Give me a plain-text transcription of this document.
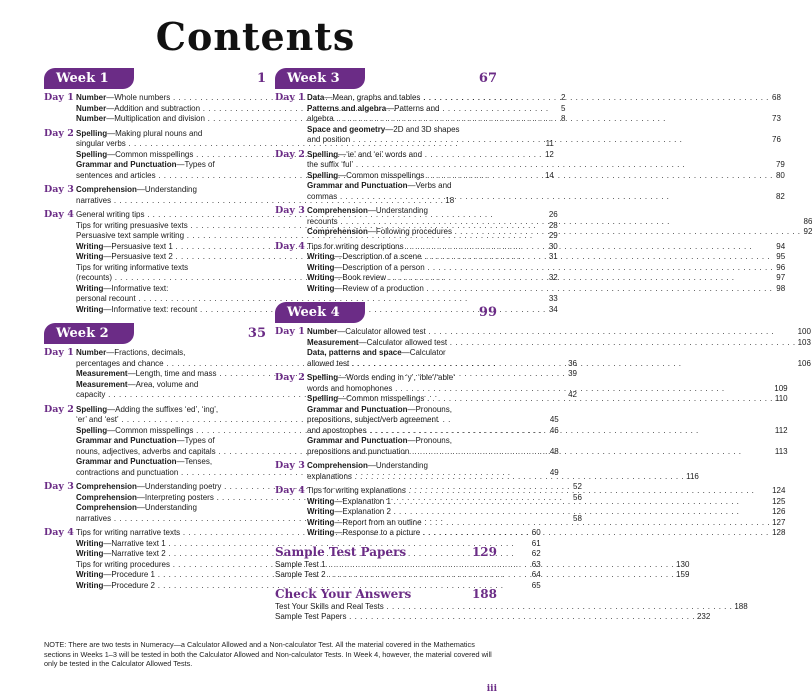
Contents
Week 1	1
Day 1 Number—Whole numbers . . .	2
Number—Addition and subtraction . . .	5
Number—Multiplication and division . . .	8
Day 2 Spelling—Making plural nouns and
singular verbs . . .	11
Spelling—Common misspellings . . .	12
Grammar and Punctuation—Types of
sentences and articles . . .	14
Day 3 Comprehension—Understanding
narratives . . .	18
Day 4 General writing tips . . .	26
Tips for writing presuasive texts . . .	28
Persuasive text sample writing . . .	29
Writing—Persuasive text 1 . . .	30
Writing—Persuasive text 2 . . .	31
Tips for writing informative texts
(recounts) . . .	32
Writing—Informative text:
personal recount . . .	33
Writing—Informative text: recount . . .	34
Week 2	35
Day 1 Number—Fractions, decimals,
percentages and chance . . .	36
Measurement—Length, time and mass . . .	39
Measurement—Area, volume and
capacity . . .	42
Day 2 Spelling—Adding the suffixes ‘ed’, ‘ing’,
‘er’ and ‘est’ . . .	45
Spelling—Common misspellings . . .	46
Grammar and Punctuation—Types of
nouns, adjectives, adverbs and capitals . . .	48
Grammar and Punctuation—Tenses,
contractions and punctuation . . .	49
Day 3 Comprehension—Understanding poetry . . .	52
Comprehension—Interpreting posters . . .	56
Comprehension—Understanding
narratives . . .	58
Day 4 Tips for writing narrative texts . . .	60
Writing—Narrative text 1 . . .	61
Writing—Narrative text 2 . . .	62
Tips for writing procedures . . .	63
Writing—Procedure 1 . . .	64
Writing—Procedure 2 . . .	65
Week 3	67
Day 1 Data—Mean, graphs and tables . . .	68
Patterns and algebra—Patterns and
algebra . . .	73
Space and geometry—2D and 3D shapes
and position . . .	76
Day 2 Spelling—‘ie’ and ‘ei’ words and
the suffix ‘ful’ . . .	79
Spelling—Common misspellings . . .	80
Grammar and Punctuation—Verbs and
commas . . .	82
Day 3 Comprehension—Understanding
recounts . . .	86
Comprehension—Following procedures . . .	92
Day 4 Tips for writing descriptions . . .	94
Writing—Description of a scene . . .	95
Writing—Description of a person . . .	96
Writing—Book review . . .	97
Writing—Review of a production . . .	98
Week 4	99
Day 1 Number—Calculator allowed test . . .	100
Measurement—Calculator allowed test . . .	103
Data, patterns and space—Calculator
allowed test . . .	106
Day 2 Spelling—Words ending in ‘y’, ‘ible’/‘able’
words and homophones . . .	109
Spelling—Common misspellings . . .	110
Grammar and Punctuation—Pronouns,
prepositions, subject/verb agreement
and apostrophes . . .	112
Grammar and Punctuation—Pronouns,
prepositions and punctuation . . .	113
Day 3 Comprehension—Understanding
explanations . . .	116
Day 4 Tips for writing explanations . . .	124
Writing—Explanation 1 . . .	125
Writing—Explanation 2 . . .	126
Writing—Report from an outline . . .	127
Writing—Response to a picture . . .	128
Sample Test Papers	129
Sample Test 1 . . .	130
Sample Test 2 . . .	159
Check Your Answers	188
Test Your Skills and Real Tests . . .	188
Sample Test Papers . . .	232
NOTE: There are two tests in Numeracy—a Calculator Allowed and a Non-calculator Test. All the material covered in the Mathematics sections in Weeks 1–3 will be tested in both the Calculator Allowed and Non-calculator Tests. In Week 4, however, the material covered will only be tested in the Calculator Allowed Tests.
iii
